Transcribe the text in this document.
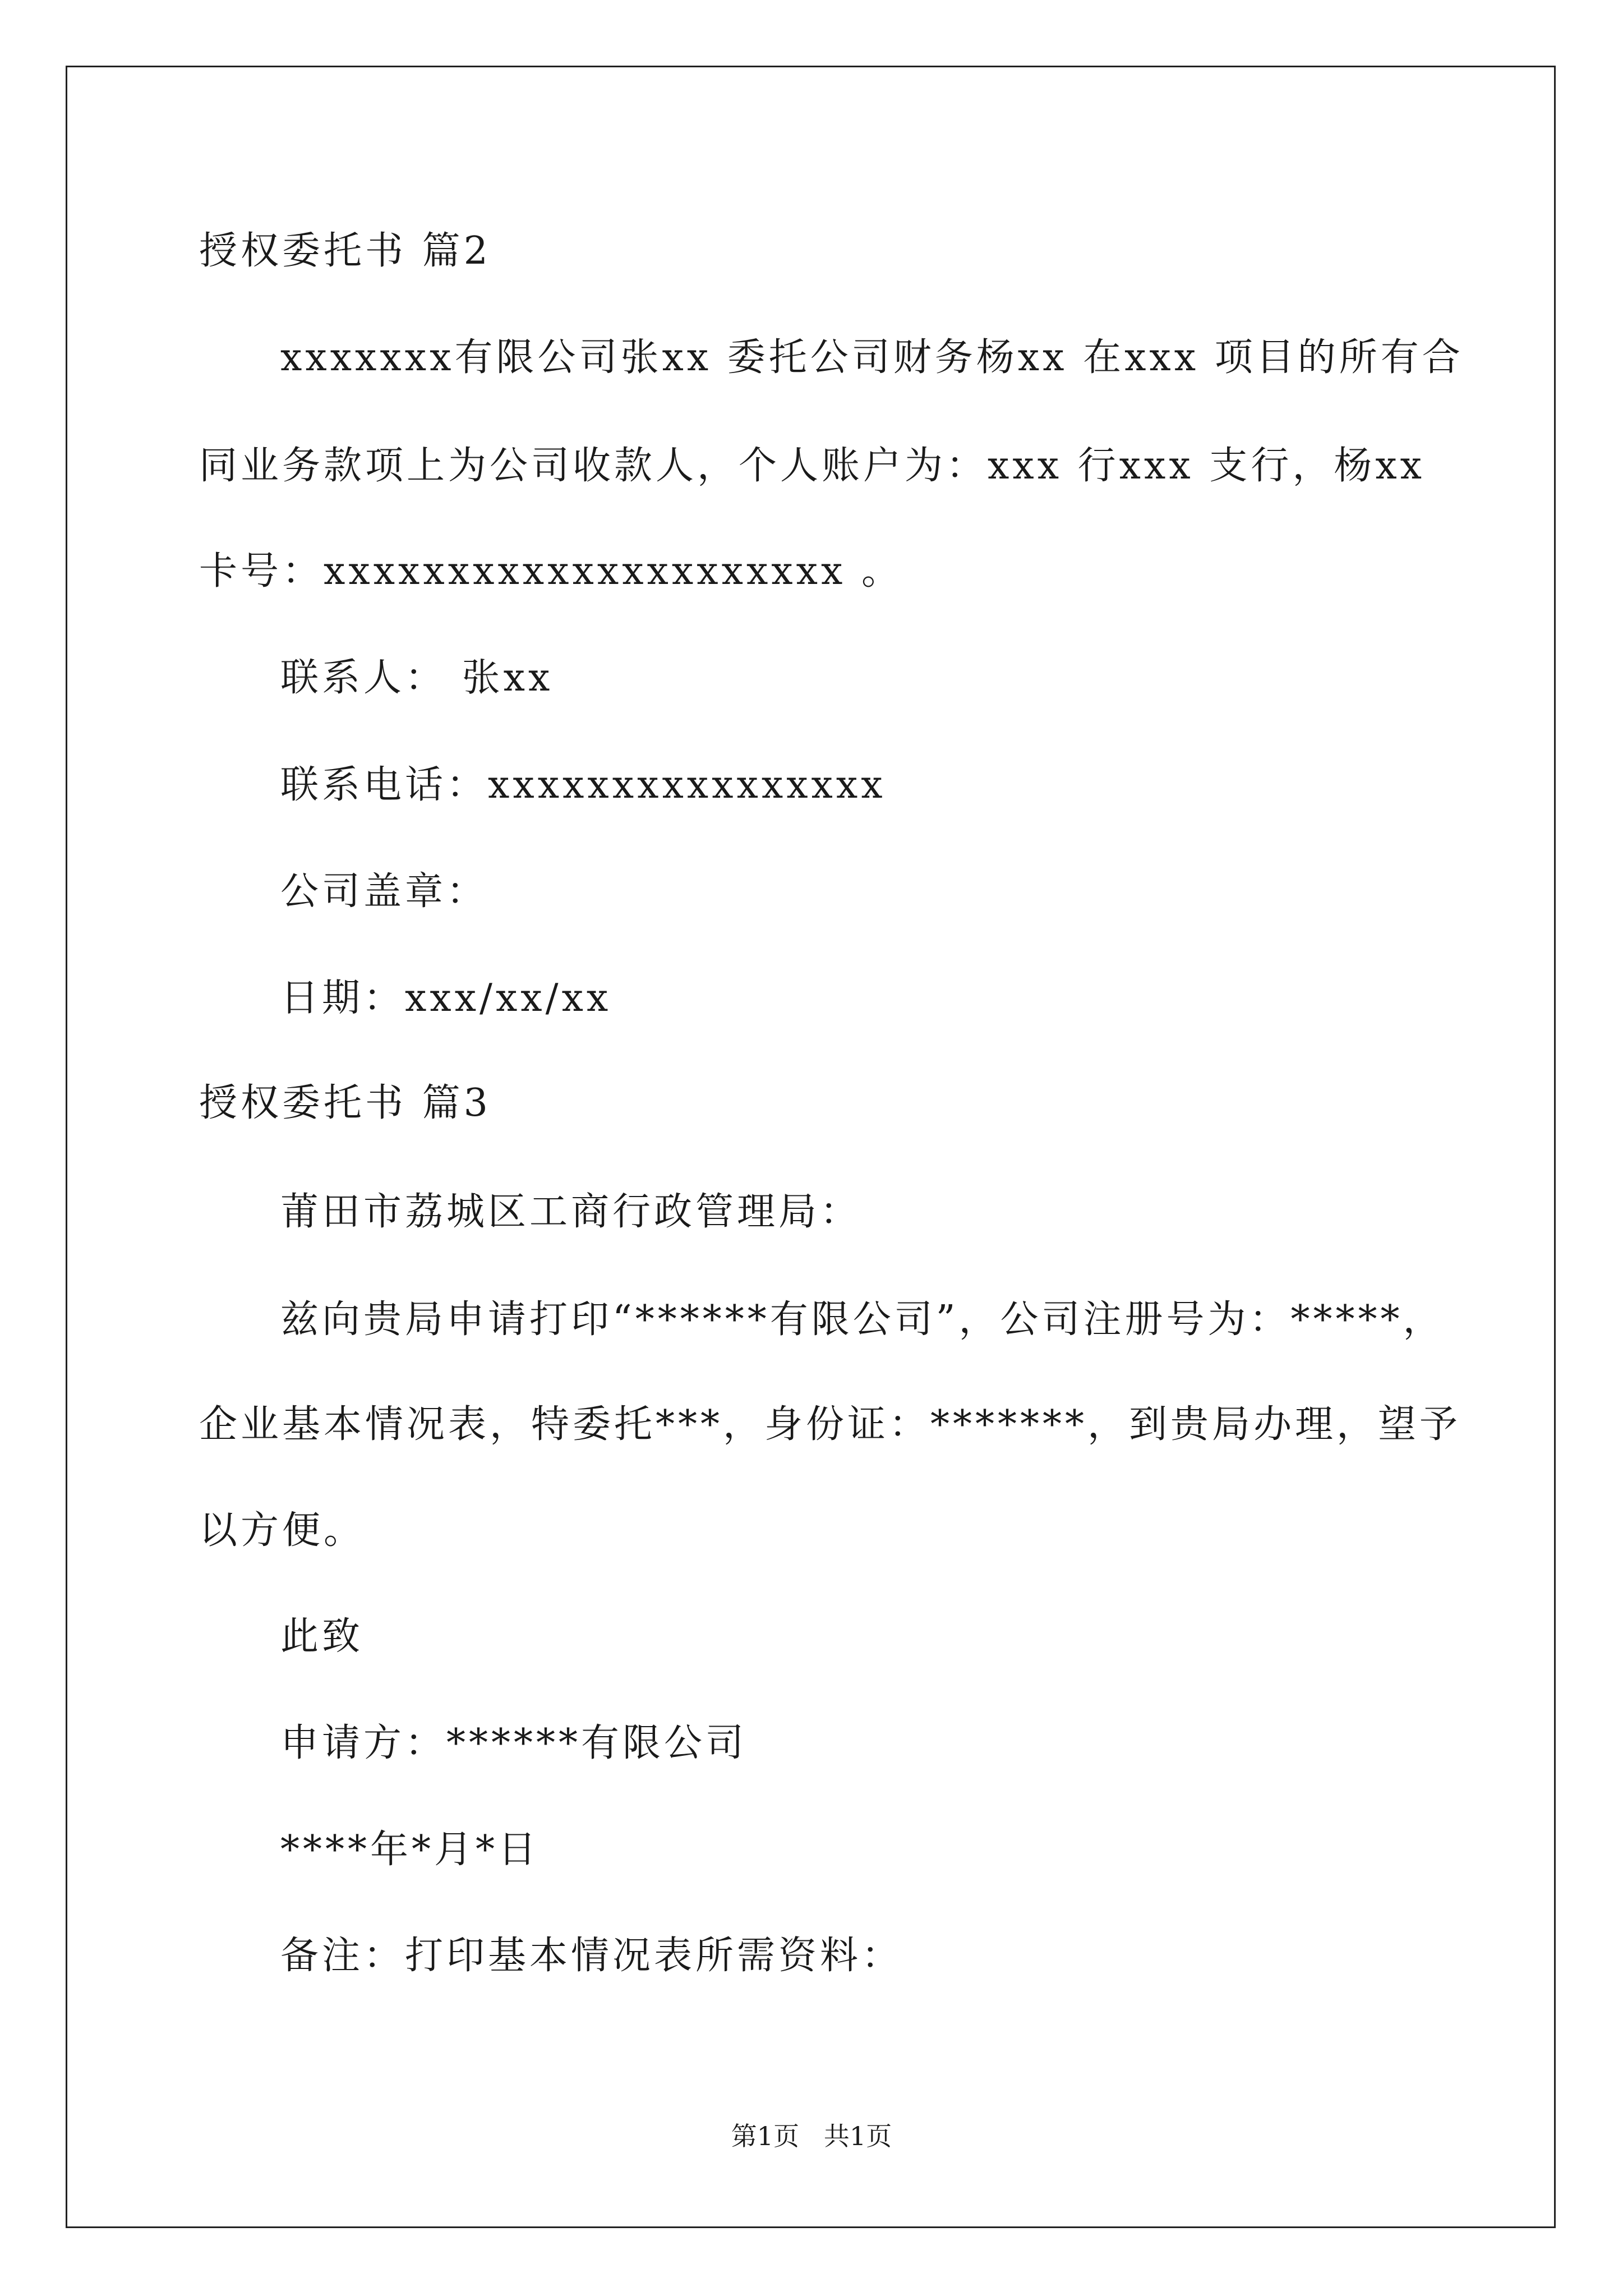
授权委托书 篇2
xxxxxxx有限公司张xx 委托公司财务杨xx 在xxx 项目的所有合
同业务款项上为公司收款人，个人账户为：xxx 行xxx 支行，杨xx
卡号：xxxxxxxxxxxxxxxxxxxxx 。
联系人： 张xx
联系电话：xxxxxxxxxxxxxxxx
公司盖章：
日期：xxx/xx/xx
授权委托书 篇3
莆田市荔城区工商行政管理局：
兹向贵局申请打印“******有限公司”，公司注册号为：*****，
企业基本情况表，特委托***，身份证：*******，到贵局办理，望予
以方便。
此致
申请方：******有限公司
****年*月*日
备注：打印基本情况表所需资料：
第1页   共1页
